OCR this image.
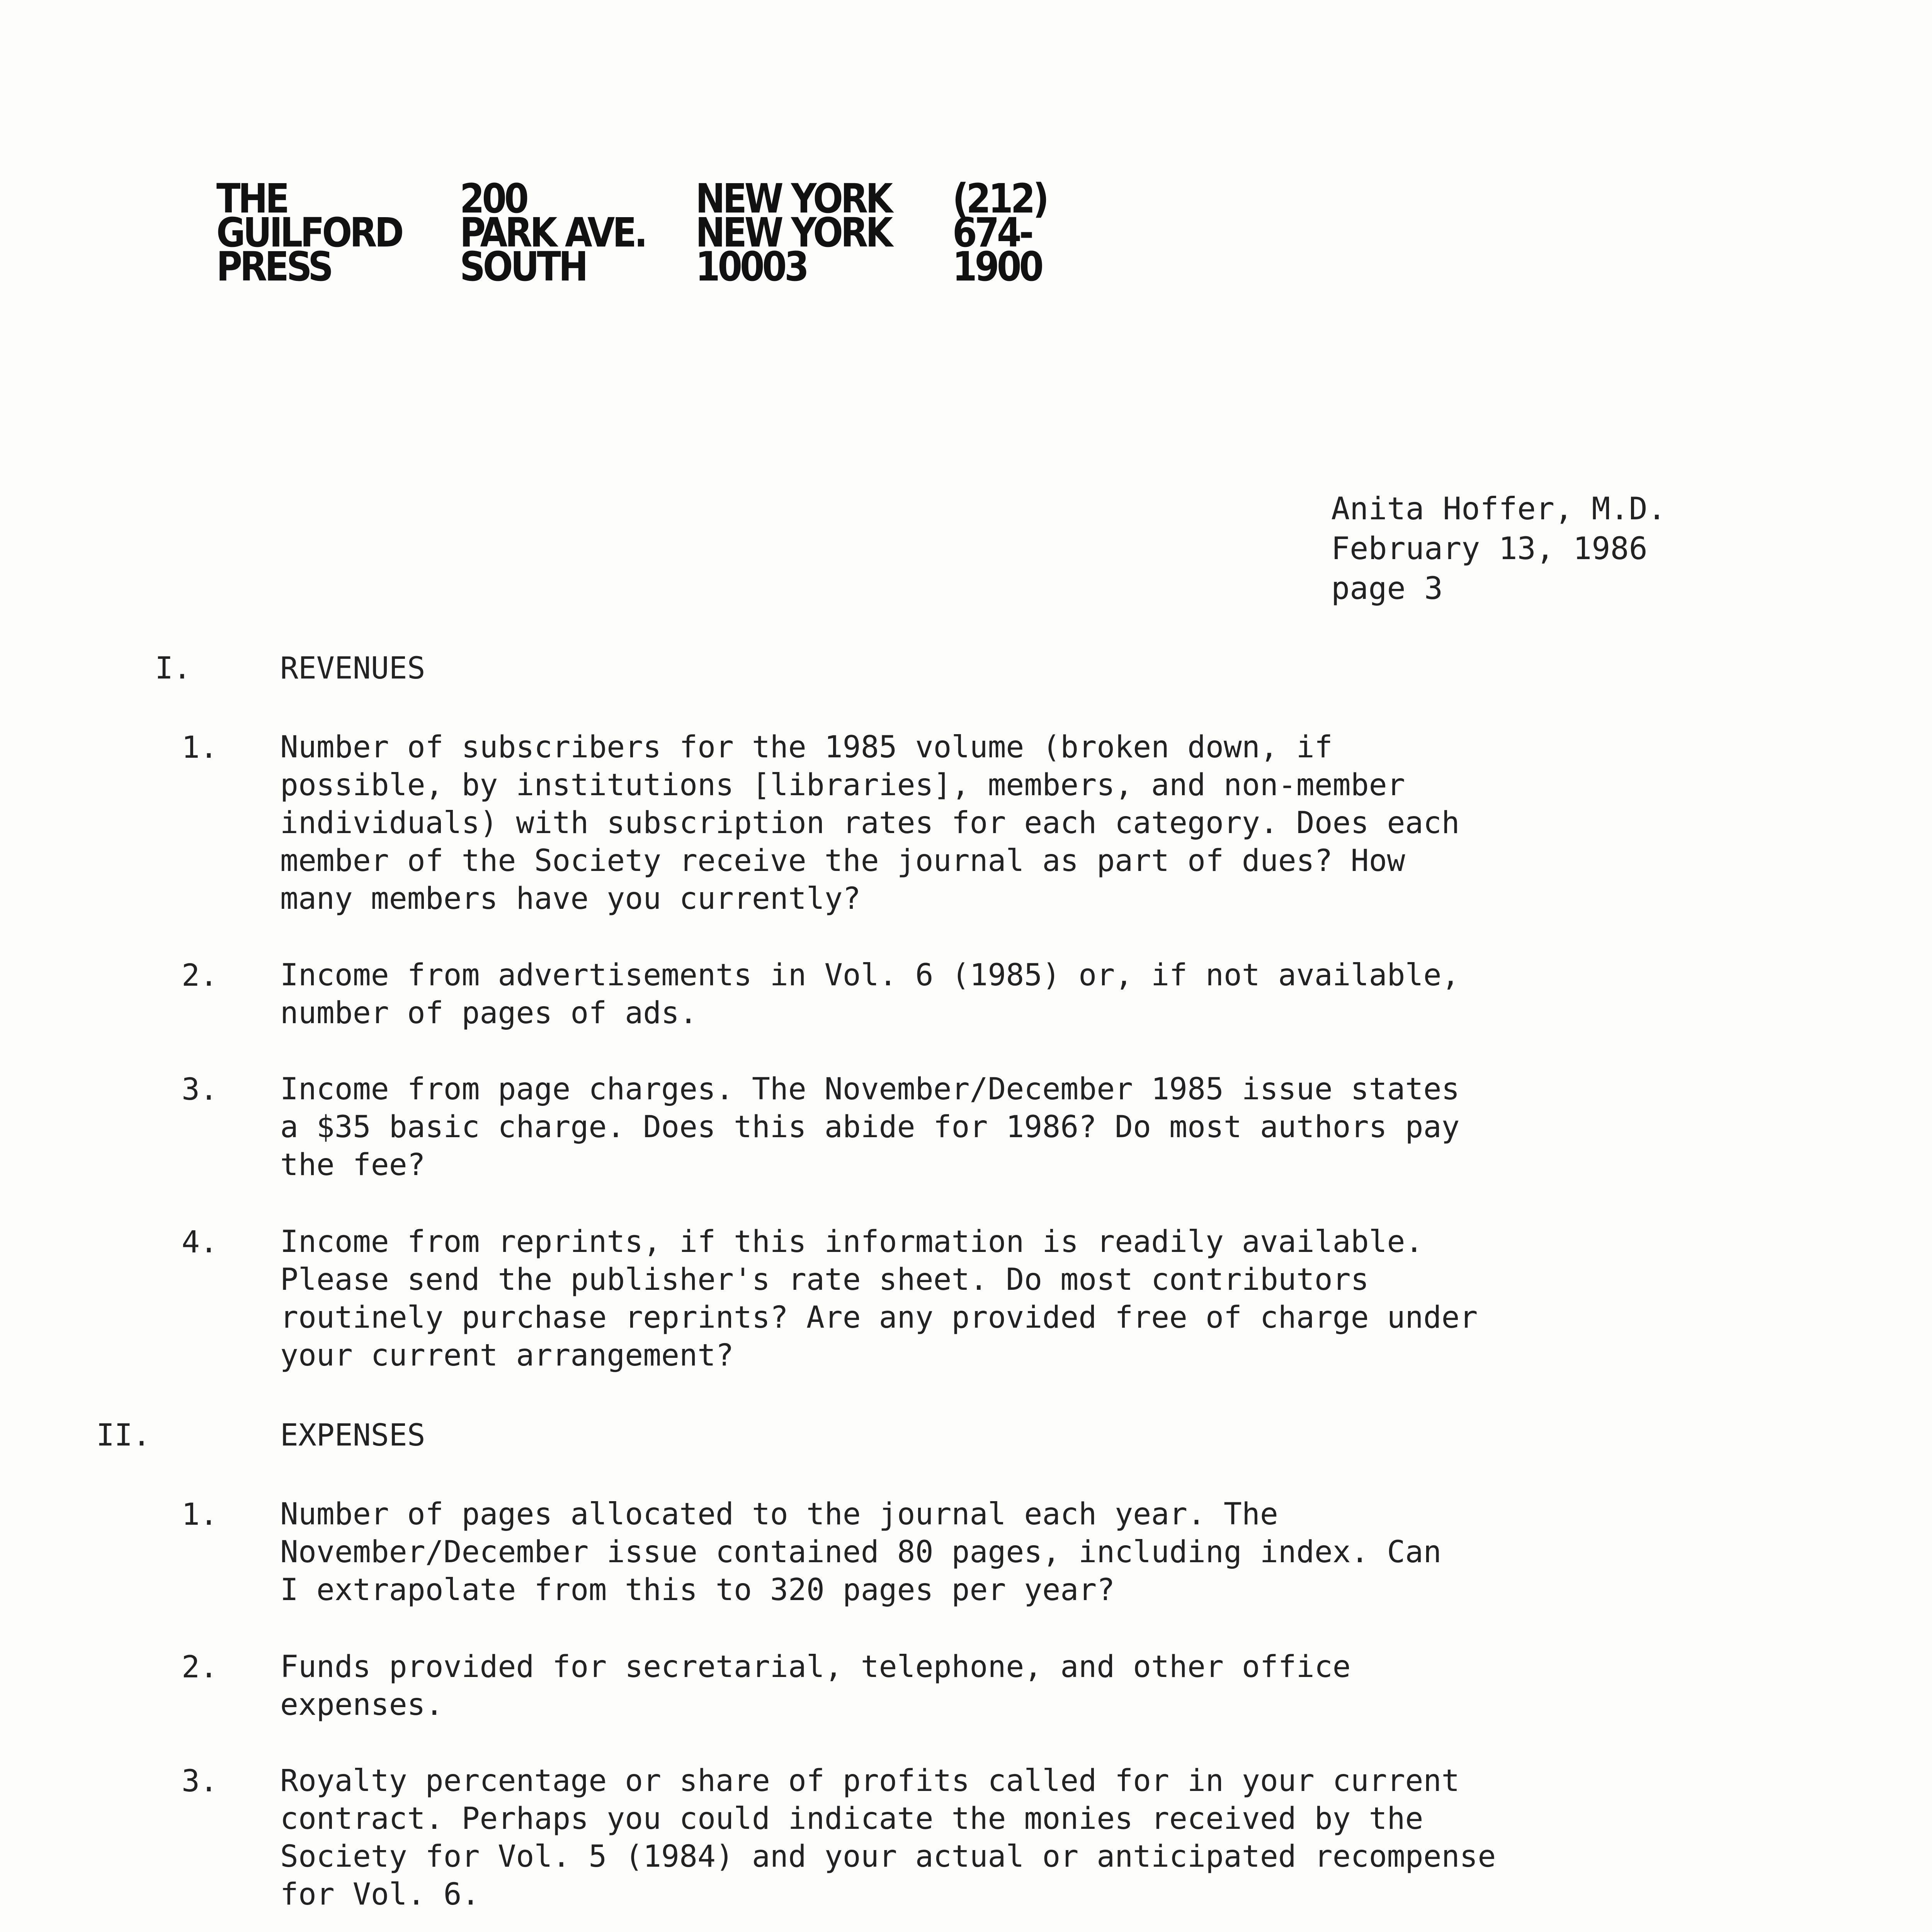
THE
GUILFORD
PRESS
200
PARK AVE.
SOUTH
NEW YORK
NEW YORK
10003
(212)
674-
1900
Anita Hoffer, M.D.
February 13, 1986
page 3
I.	REVENUES
1. Number of subscribers for the 1985 volume (broken down, if
possible, by institutions [libraries], members, and non-member
individuals) with subscription rates for each category. Does each
member of the Society receive the journal as part of dues? How
many members have you currently?
2. Income from advertisements in Vol. 6 (1985) or, if not available,
number of pages of ads.
3. Income from page charges. The November/December 1985 issue states
a $35 basic charge. Does this abide for 1986? Do most authors pay
the fee?
4. Income from reprints, if this information is readily available.
Please send the publisher's rate sheet. Do most contributors
routinely purchase reprints? Are any provided free of charge under
your current arrangement?
II.	EXPENSES
1. Number of pages allocated to the journal each year. The
November/December issue contained 80 pages, including index. Can
I extrapolate from this to 320 pages per year?
2. Funds provided for secretarial, telephone, and other office
expenses.
3. Royalty percentage or share of profits called for in your current
contract. Perhaps you could indicate the monies received by the
Society for Vol. 5 (1984) and your actual or anticipated recompense
for Vol. 6.
